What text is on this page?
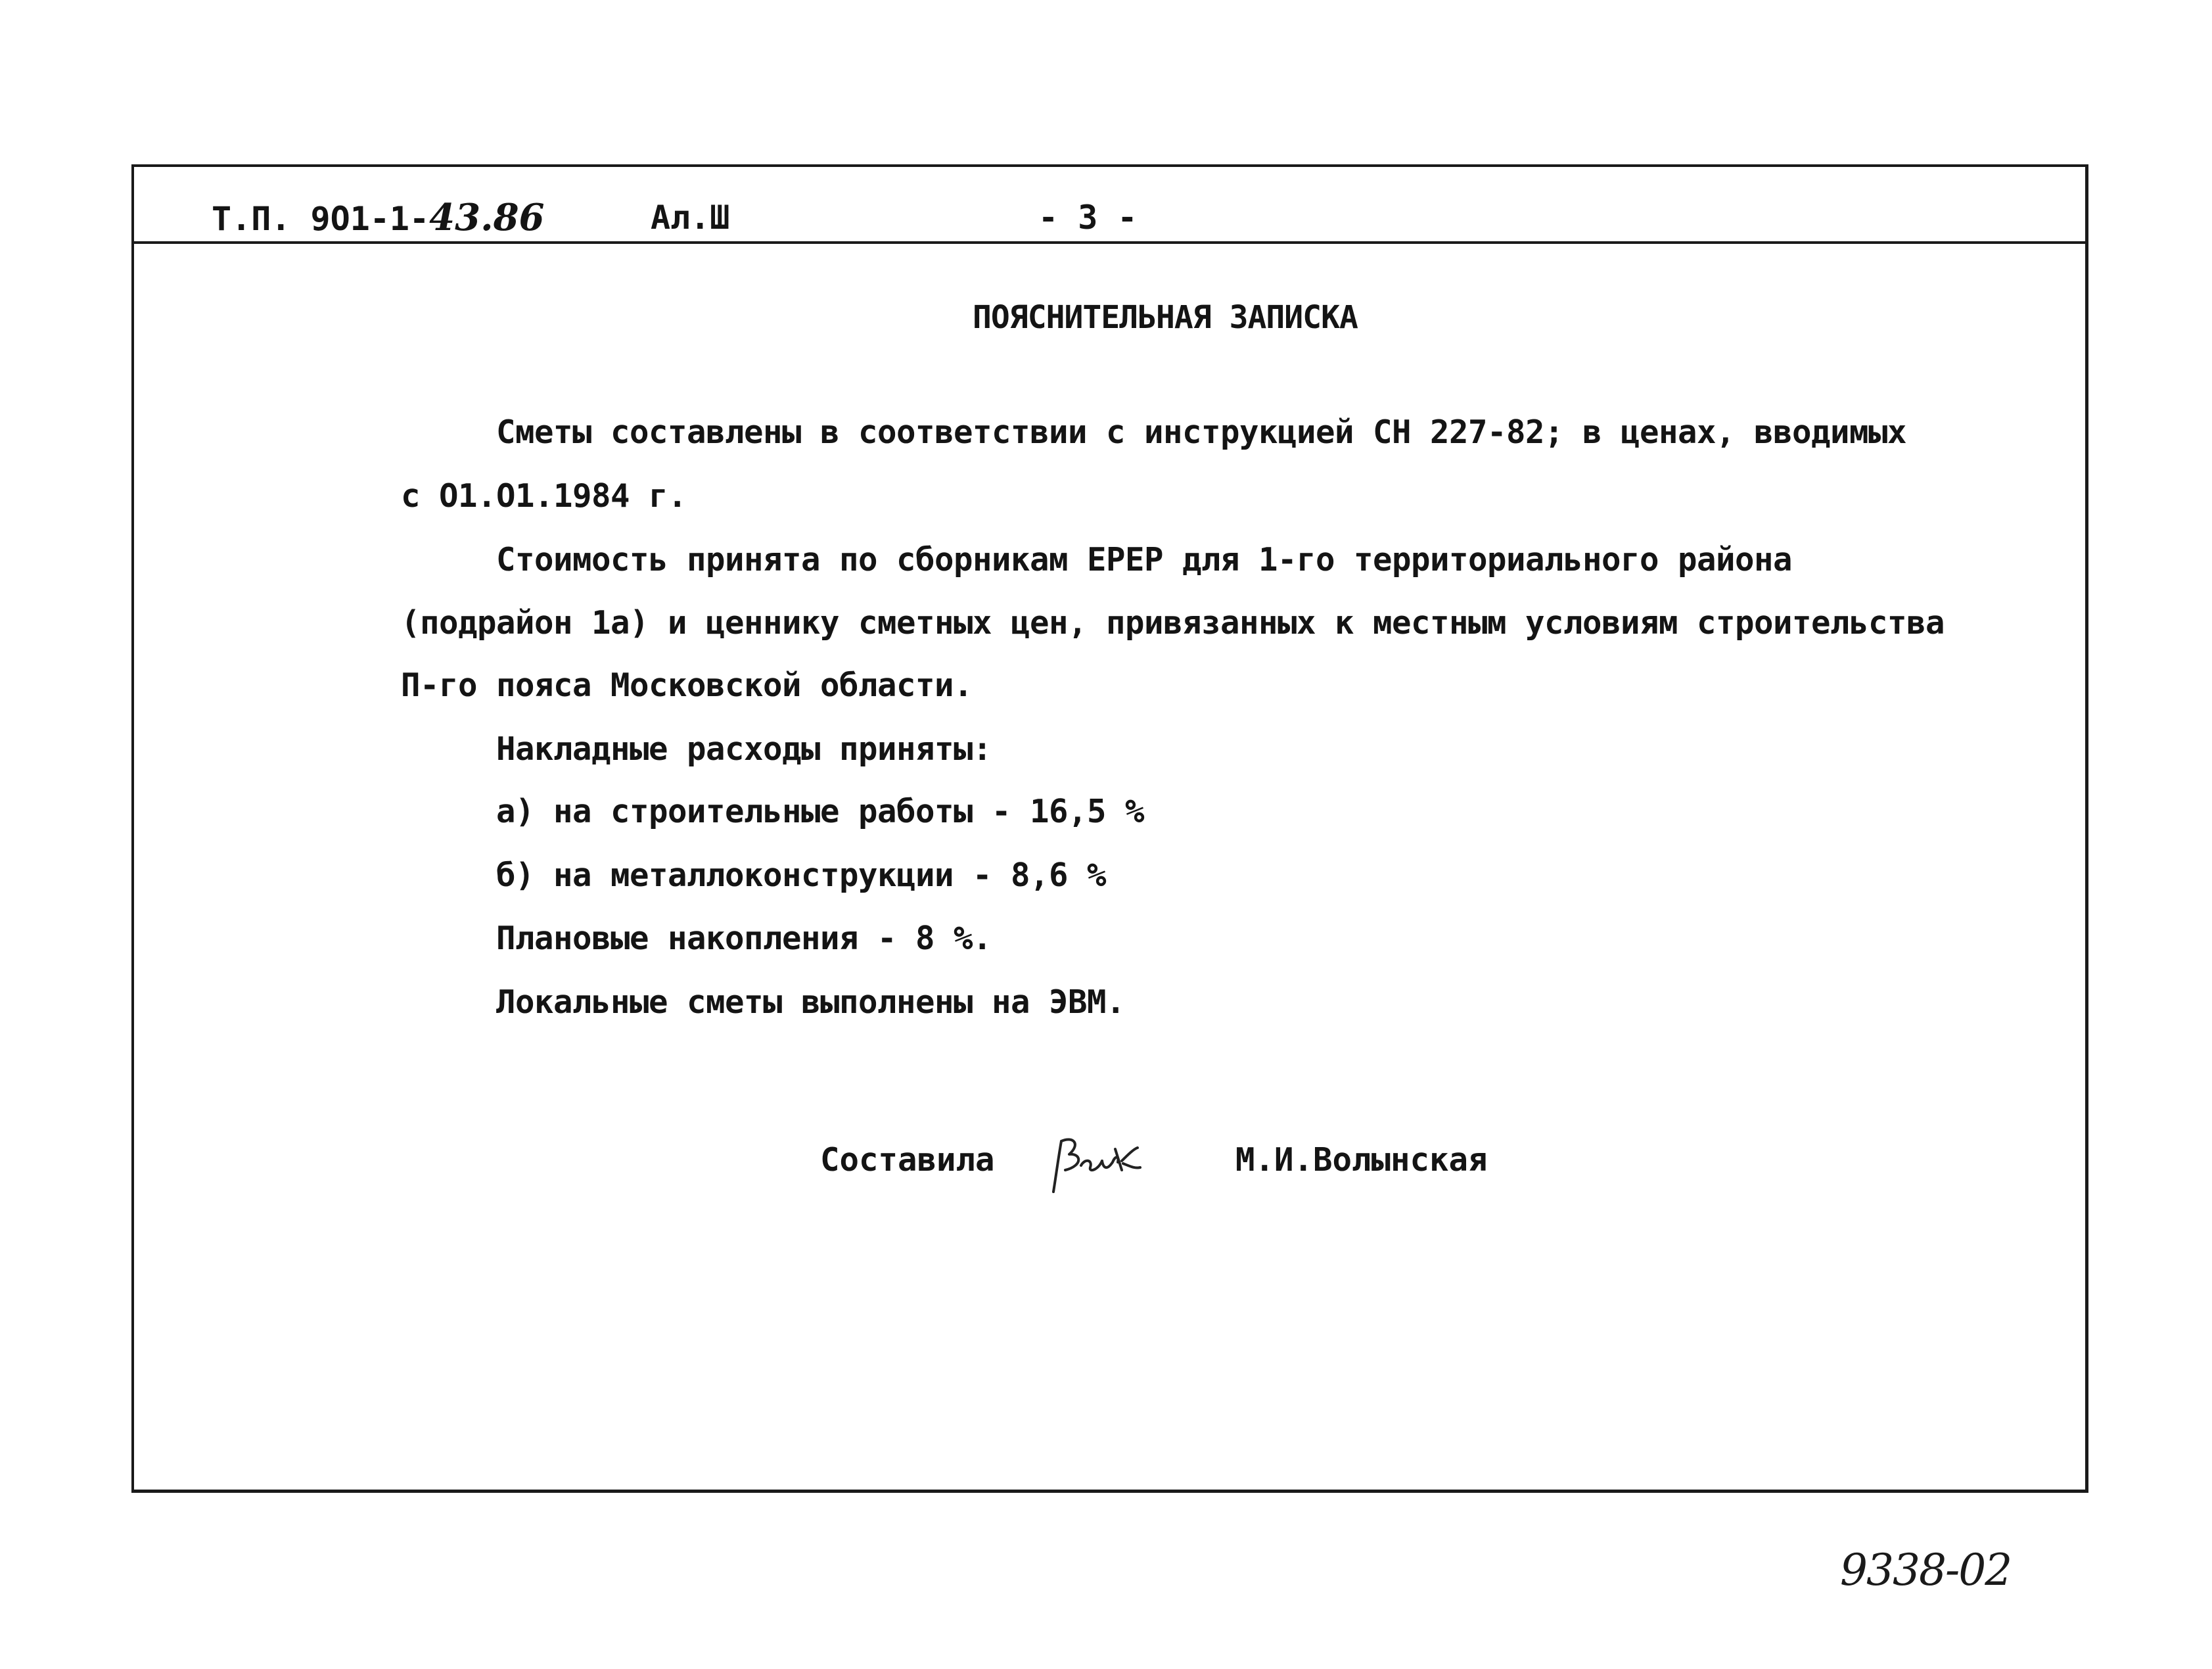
Т.П. 9О1-1-43.86	Ал.Ш	- 3 -
ПОЯСНИТЕЛЬНАЯ ЗАПИСКА
Сметы составлены в соответствии с инструкцией СН 227-82; в ценах, вводимых
с О1.О1.1984 г.
Стоимость принята по сборникам ЕРЕР для 1-го территориального района
(подрайон 1а) и ценнику сметных цен, привязанных к местным условиям строительства
П-го пояса Московской области.
Накладные расходы приняты:
а) на строительные работы - 16,5 %
б) на металлоконструкции - 8,6 %
Плановые накопления - 8 %.
Локальные сметы выполнены на ЭВМ.
Составила	М.И.Волынская
9338-02
